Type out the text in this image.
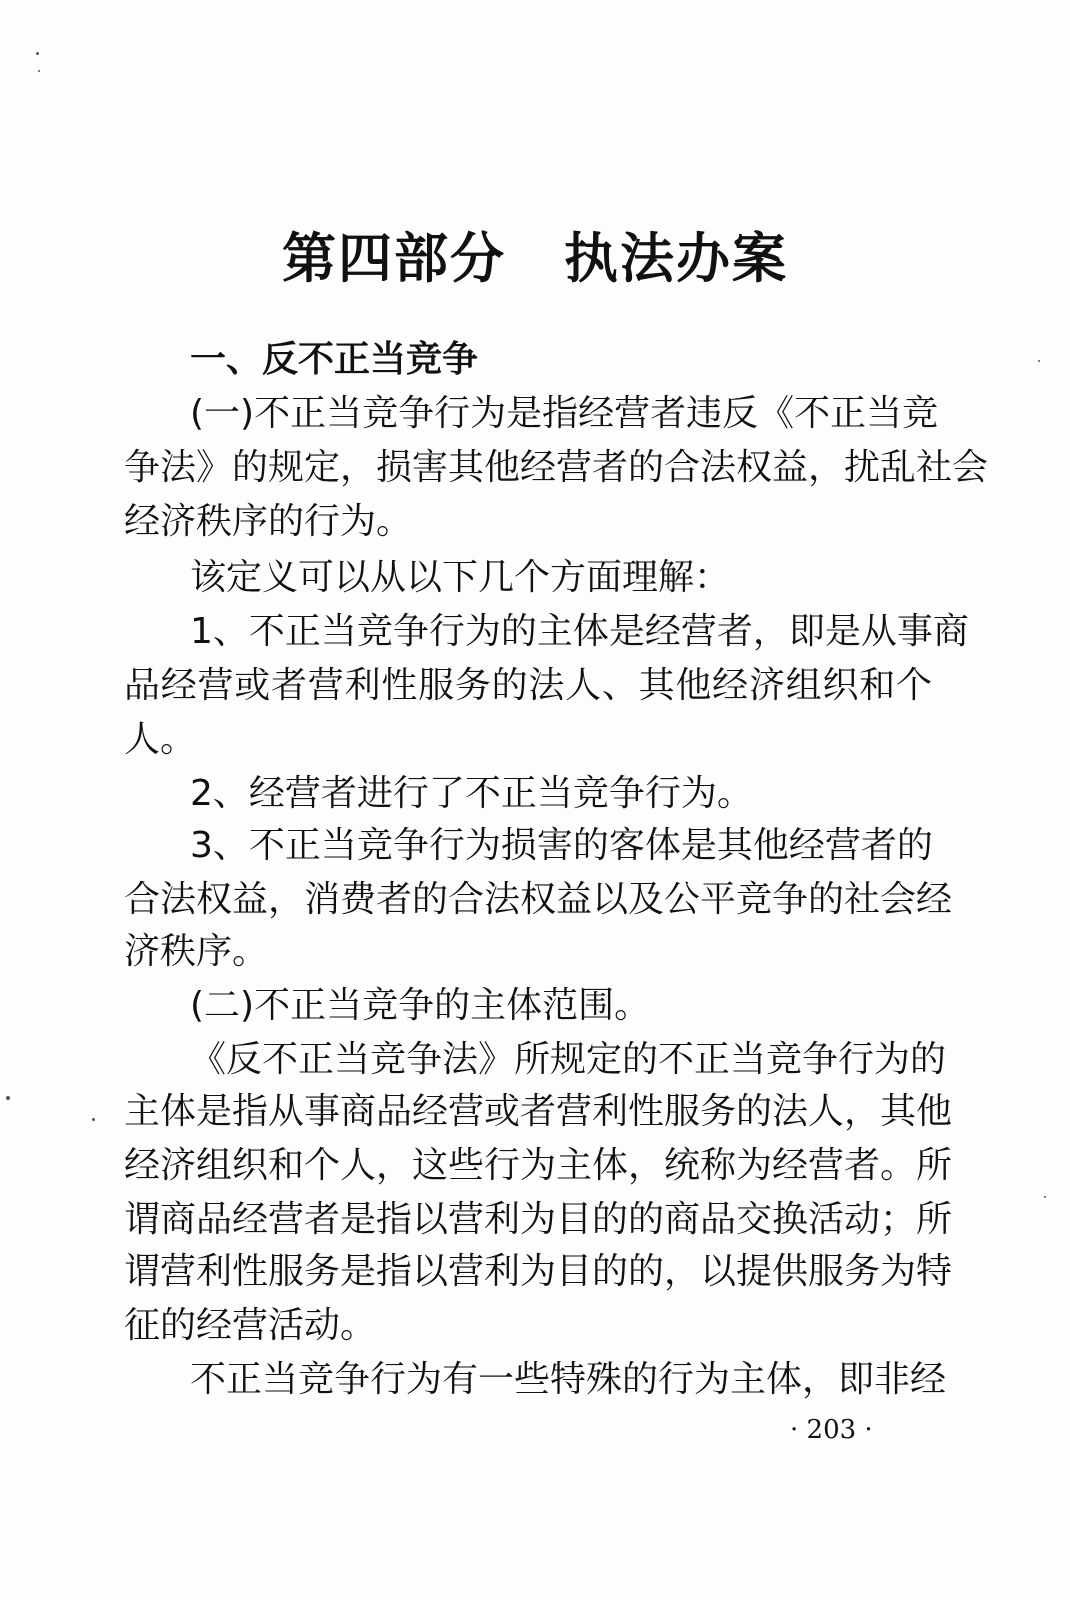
第四部分 执法办案
一、反不正当竞争
(一)不正当竞争行为是指经营者违反《不正当竞
争法》的规定，损害其他经营者的合法权益，扰乱社会
经济秩序的行为。
该定义可以从以下几个方面理解：
1、不正当竞争行为的主体是经营者，即是从事商
品经营或者营利性服务的法人、其他经济组织和个
人。
2、经营者进行了不正当竞争行为。
3、不正当竞争行为损害的客体是其他经营者的
合法权益，消费者的合法权益以及公平竞争的社会经
济秩序。
(二)不正当竞争的主体范围。
《反不正当竞争法》所规定的不正当竞争行为的
主体是指从事商品经营或者营利性服务的法人，其他
经济组织和个人，这些行为主体，统称为经营者。所
谓商品经营者是指以营利为目的的商品交换活动；所
谓营利性服务是指以营利为目的的，以提供服务为特
征的经营活动。
不正当竞争行为有一些特殊的行为主体，即非经
· 203 ·
